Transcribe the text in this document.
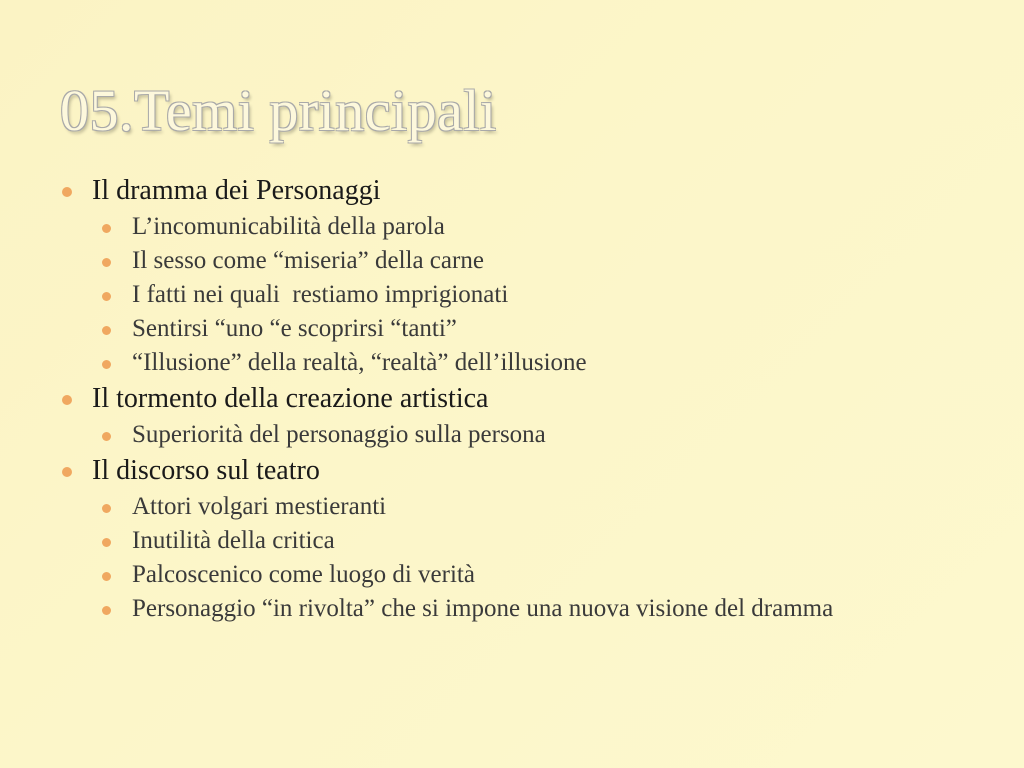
05.Temi principali
Il dramma dei Personaggi
L’incomunicabilità della parola
Il sesso come “miseria” della carne
I fatti nei quali  restiamo imprigionati
Sentirsi “uno “e scoprirsi “tanti”
“Illusione” della realtà, “realtà” dell’illusione
Il tormento della creazione artistica
Superiorità del personaggio sulla persona
Il discorso sul teatro
Attori volgari mestieranti
Inutilità della critica
Palcoscenico come luogo di verità
Personaggio “in rivolta” che si impone una nuova visione del dramma
